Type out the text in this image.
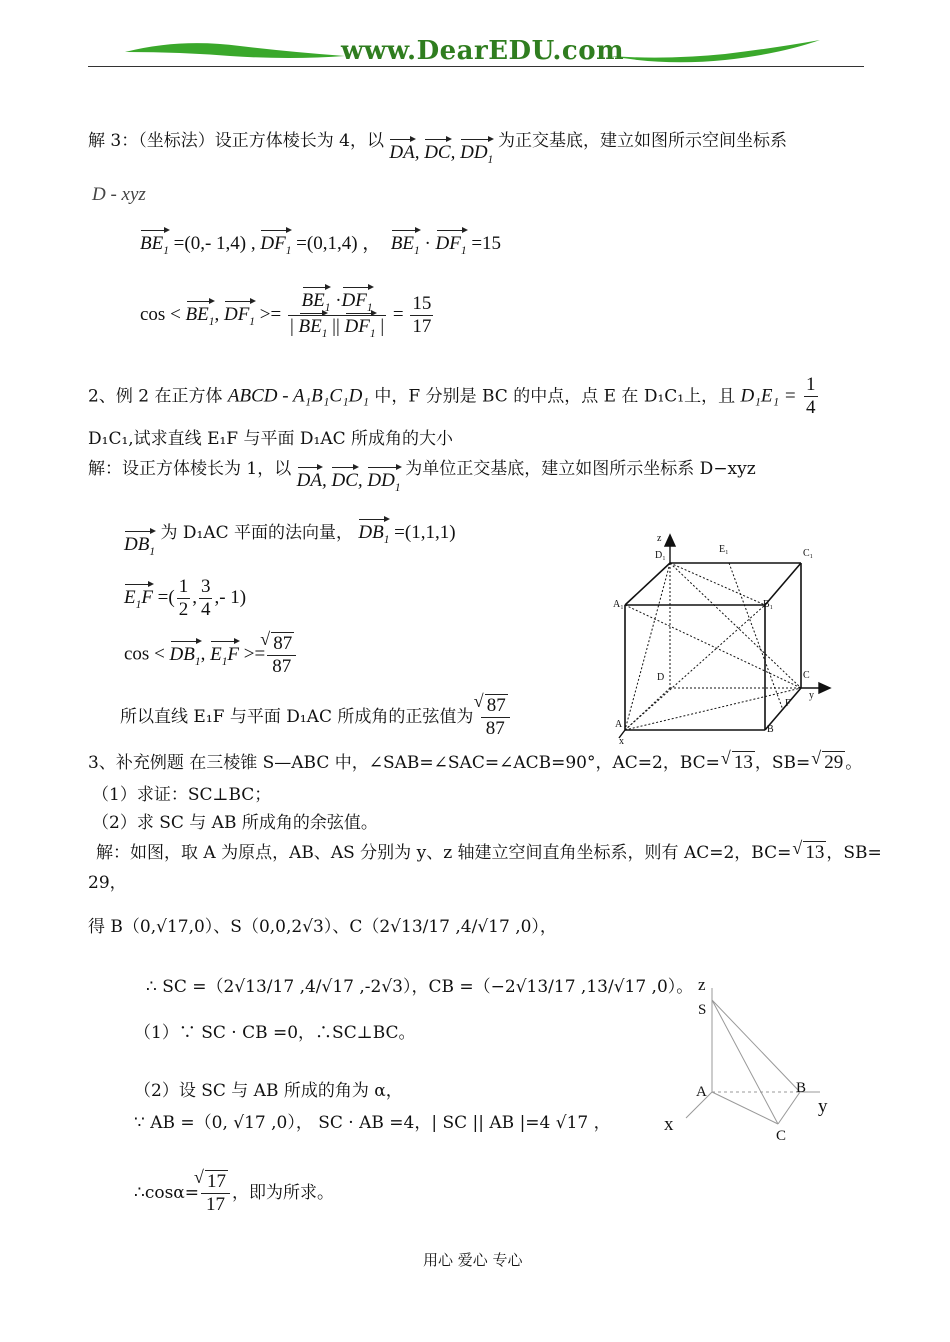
www.DearEDU.com
解 3：（坐标法）设正方体棱长为 4，以 DA, DC, $DD_1$ 为正交基底，建立如图所示空间坐标系
D - xyz
$BE_1 =(0,-$ 1,4) , $DF_1 =(0,1,4)$ ，  $BE_1 \cdot DF_1 =15$
$\cos < BE_1$, $DF_1 >= \frac{BE_1 \cdot DF_1}{| BE_1 || DF_1 |} = \frac{15}{17}$
2、例 2 在正方体 ABCD - A₁B₁C₁D₁ 中，F 分别是 BC 的中点，点 E 在 D₁C₁上，且 $D_1E_1 = \frac{1}{4}$
D₁C₁,试求直线 E₁F 与平面 D₁AC 所成角的大小
解：设正方体棱长为 1，以 DA, DC, $DD_1$ 为单位正交基底，建立如图所示坐标系 D−xyz
$DB_1$ 为 D₁AC 平面的法向量， $DB_1 =(1,1,1)$
$E_1F$ =( $\frac{1}{2}$ , $\frac{3}{4}$ ,- 1)
$\cos < DB_1$, $E_1F$ >= √ $\frac{87}{87}$
所以直线 E₁F 与平面 D₁AC 所成角的正弦值为 √ $\frac{87}{87}$
z
D₁
E₁	C₁
A₁	B₁
D	C
y
F
A	B
x
3、补充例题 在三棱锥 S—ABC 中，∠SAB=∠SAC=∠ACB=90°，AC=2，BC= √ 13 ，SB= √ 29 。
（1）求证：SC⊥BC；
（2）求 SC 与 AB 所成角的余弦值。
解：如图，取 A 为原点，AB、AS 分别为 y、z 轴建立空间直角坐标系，则有 AC=2，BC= √ 13 ，SB=
29，
得 B（0,√17,0）、S（0,0,2√3）、C（2√13/17 ,4/√17 ,0），
∴ SC =（2√13/17 ,4/√17 ,-2√3），CB =（−2√13/17 ,13/√17 ,0）。
（1）∵ SC · CB =0，∴SC⊥BC。
（2）设 SC 与 AB 所成的角为 α，
∵ AB =（0, √17 ,0）， SC · AB =4，| SC || AB |=4 √17 ，
∴cosα= √ $\frac{17}{17}$ ，即为所求。
z
S
A	B
y
x
C
用心 爱心 专心
